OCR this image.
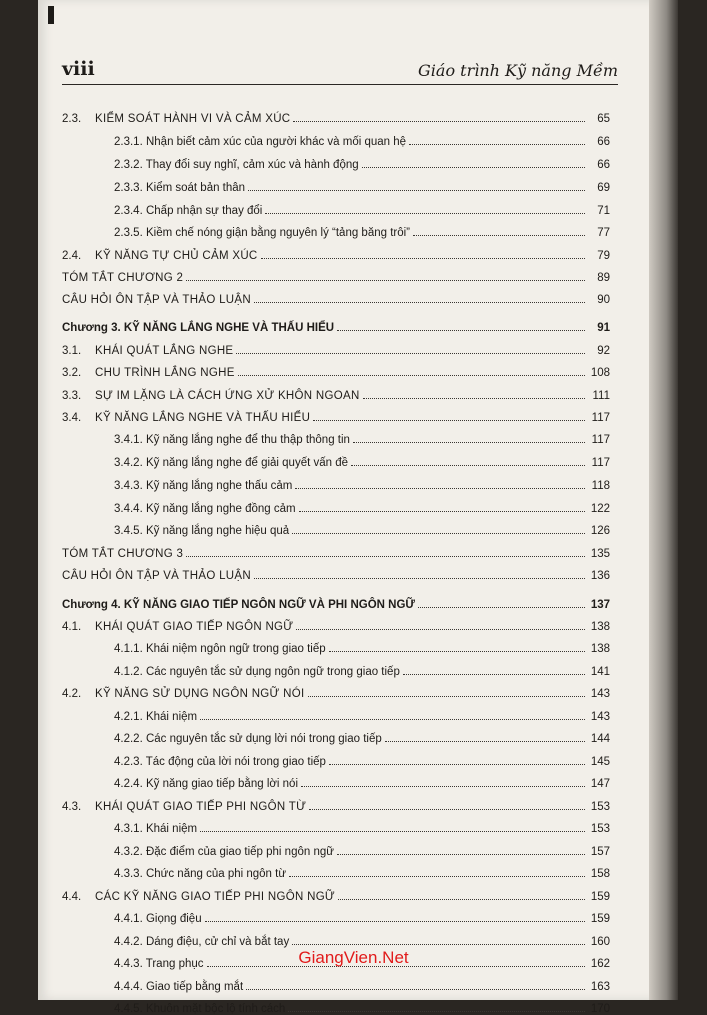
viii	Giáo trình Kỹ năng Mềm
2.3.	KIỂM SOÁT HÀNH VI VÀ CẢM XÚC	65
2.3.1. Nhận biết cảm xúc của người khác và mối quan hệ	66
2.3.2. Thay đổi suy nghĩ, cảm xúc và hành động	66
2.3.3. Kiểm soát bản thân	69
2.3.4. Chấp nhận sự thay đổi	71
2.3.5. Kiềm chế nóng giận bằng nguyên lý “tảng băng trôi”	77
2.4.	KỸ NĂNG TỰ CHỦ CẢM XÚC	79
TÓM TẮT CHƯƠNG 2	89
CÂU HỎI ÔN TẬP VÀ THẢO LUẬN	90
Chương 3. KỸ NĂNG LẮNG NGHE VÀ THẤU HIỂU	91
3.1.	KHÁI QUÁT LẮNG NGHE	92
3.2.	CHU TRÌNH LẮNG NGHE	108
3.3.	SỰ IM LẶNG LÀ CÁCH ỨNG XỬ KHÔN NGOAN	111
3.4.	KỸ NĂNG LẮNG NGHE VÀ THẤU HIỂU	117
3.4.1. Kỹ năng lắng nghe để thu thập thông tin	117
3.4.2. Kỹ năng lắng nghe để giải quyết vấn đề	117
3.4.3. Kỹ năng lắng nghe thấu cảm	118
3.4.4. Kỹ năng lắng nghe đồng cảm	122
3.4.5. Kỹ năng lắng nghe hiệu quả	126
TÓM TẮT CHƯƠNG 3	135
CÂU HỎI ÔN TẬP VÀ THẢO LUẬN	136
Chương 4. KỸ NĂNG GIAO TIẾP NGÔN NGỮ VÀ PHI NGÔN NGỮ	137
4.1.	KHÁI QUÁT GIAO TIẾP NGÔN NGỮ	138
4.1.1. Khái niệm ngôn ngữ trong giao tiếp	138
4.1.2. Các nguyên tắc sử dụng ngôn ngữ trong giao tiếp	141
4.2.	KỸ NĂNG SỬ DỤNG NGÔN NGỮ NÓI	143
4.2.1. Khái niệm	143
4.2.2. Các nguyên tắc sử dụng lời nói trong giao tiếp	144
4.2.3. Tác động của lời nói trong giao tiếp	145
4.2.4. Kỹ năng giao tiếp bằng lời nói	147
4.3.	KHÁI QUÁT GIAO TIẾP PHI NGÔN TỪ	153
4.3.1. Khái niệm	153
4.3.2. Đặc điểm của giao tiếp phi ngôn ngữ	157
4.3.3. Chức năng của phi ngôn từ	158
4.4.	CÁC KỸ NĂNG GIAO TIẾP PHI NGÔN NGỮ	159
4.4.1. Giọng điệu	159
4.4.2. Dáng điệu, cử chỉ và bắt tay	160
4.4.3. Trang phục	162
4.4.4. Giao tiếp bằng mắt	163
4.4.5. Khuôn mặt bộc lộ tính cách	170
GiangVien.Net
